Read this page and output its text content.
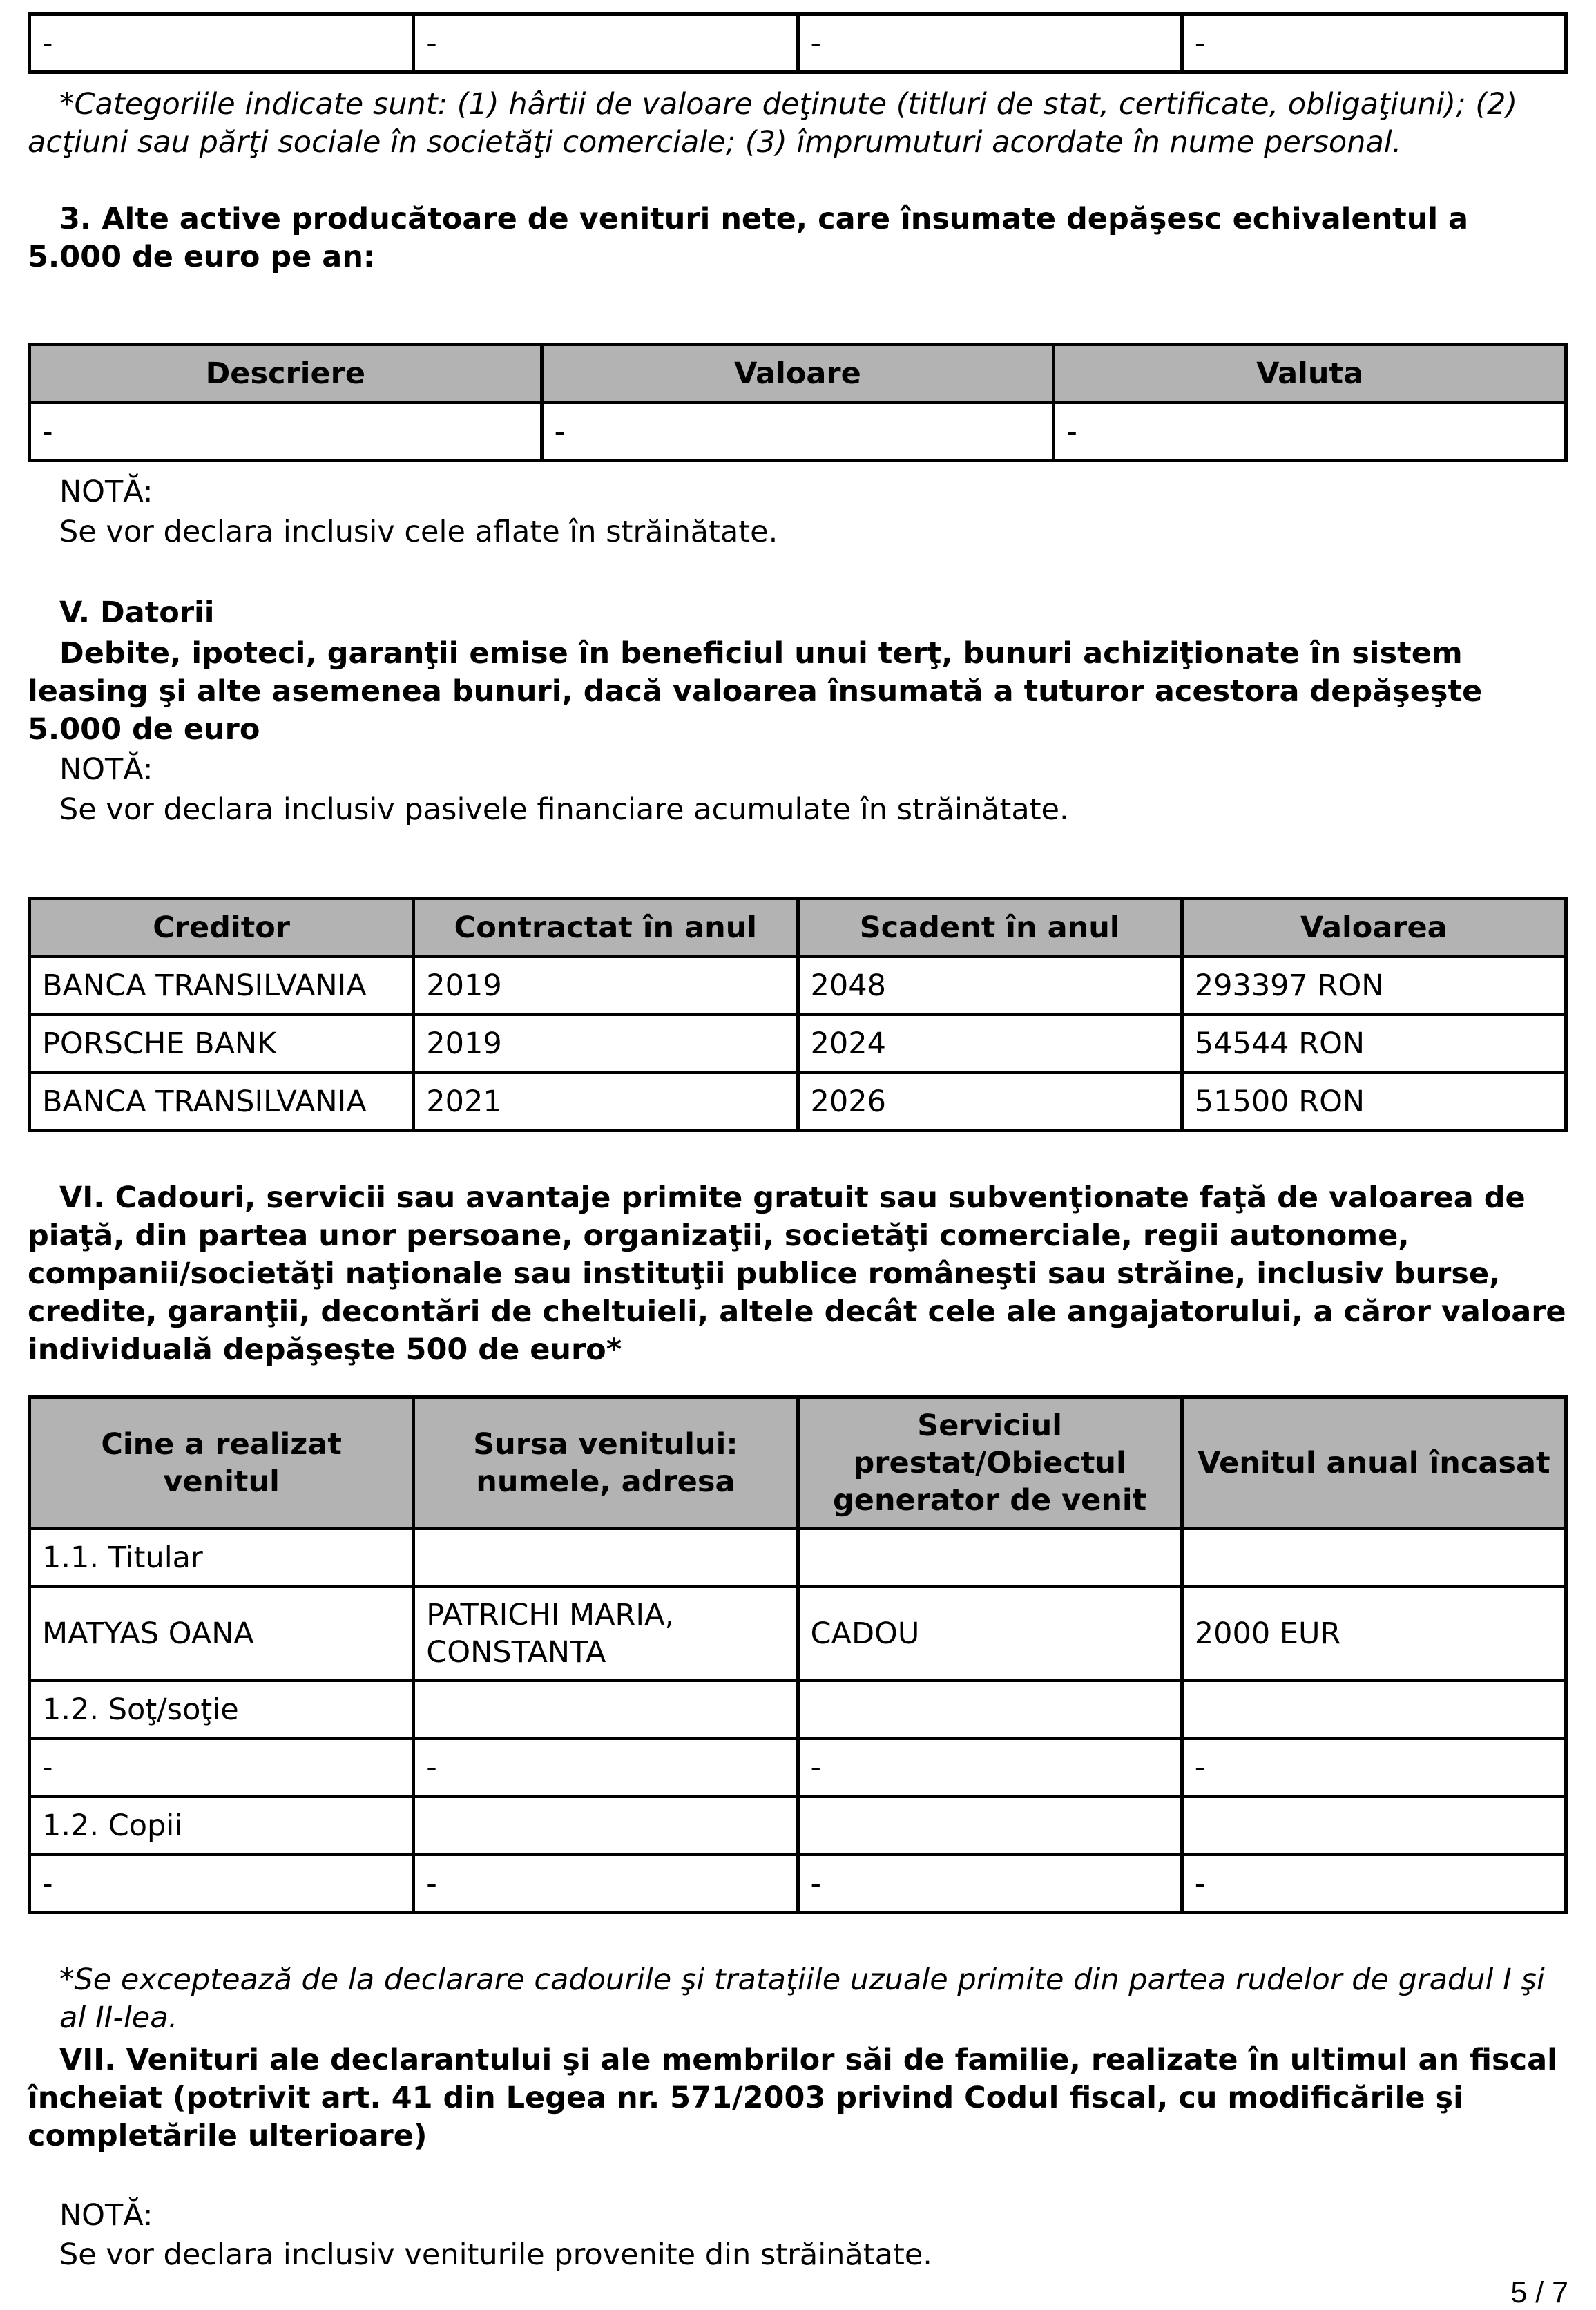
-	-	-	-

*Categoriile indicate sunt: (1) hârtii de valoare deţinute (titluri de stat, certificate, obligaţiuni); (2) acţiuni sau părţi sociale în societăţi comerciale; (3) împrumuturi acordate în nume personal.

3. Alte active producătoare de venituri nete, care însumate depăşesc echivalentul a 5.000 de euro pe an:

Descriere	Valoare	Valuta
-	-	-

NOTĂ:

Se vor declara inclusiv cele aflate în străinătate.

V. Datorii

Debite, ipoteci, garanţii emise în beneficiul unui terţ, bunuri achiziţionate în sistem leasing şi alte asemenea bunuri, dacă valoarea însumată a tuturor acestora depăşeşte 5.000 de euro

NOTĂ:

Se vor declara inclusiv pasivele financiare acumulate în străinătate.

Creditor	Contractat în anul	Scadent în anul	Valoarea
BANCA TRANSILVANIA	2019	2048	293397 RON
PORSCHE BANK	2019	2024	54544 RON
BANCA TRANSILVANIA	2021	2026	51500 RON

VI. Cadouri, servicii sau avantaje primite gratuit sau subvenţionate faţă de valoarea de piaţă, din partea unor persoane, organizaţii, societăţi comerciale, regii autonome, companii/societăţi naţionale sau instituţii publice româneşti sau străine, inclusiv burse, credite, garanţii, decontări de cheltuieli, altele decât cele ale angajatorului, a căror valoare individuală depăşeşte 500 de euro*

Cine a realizat venitul	Sursa venitului: numele, adresa	Serviciul prestat/Obiectul generator de venit	Venitul anual încasat
1.1. Titular			
MATYAS OANA	PATRICHI MARIA, CONSTANTA	CADOU	2000 EUR
1.2. Soţ/soţie			
-	-	-	-
1.2. Copii			
-	-	-	-

*Se exceptează de la declarare cadourile şi trataţiile uzuale primite din partea rudelor de gradul I şi al II-lea.

VII. Venituri ale declarantului şi ale membrilor săi de familie, realizate în ultimul an fiscal încheiat (potrivit art. 41 din Legea nr. 571/2003 privind Codul fiscal, cu modificările şi completările ulterioare)

NOTĂ:

Se vor declara inclusiv veniturile provenite din străinătate.

5 / 7
